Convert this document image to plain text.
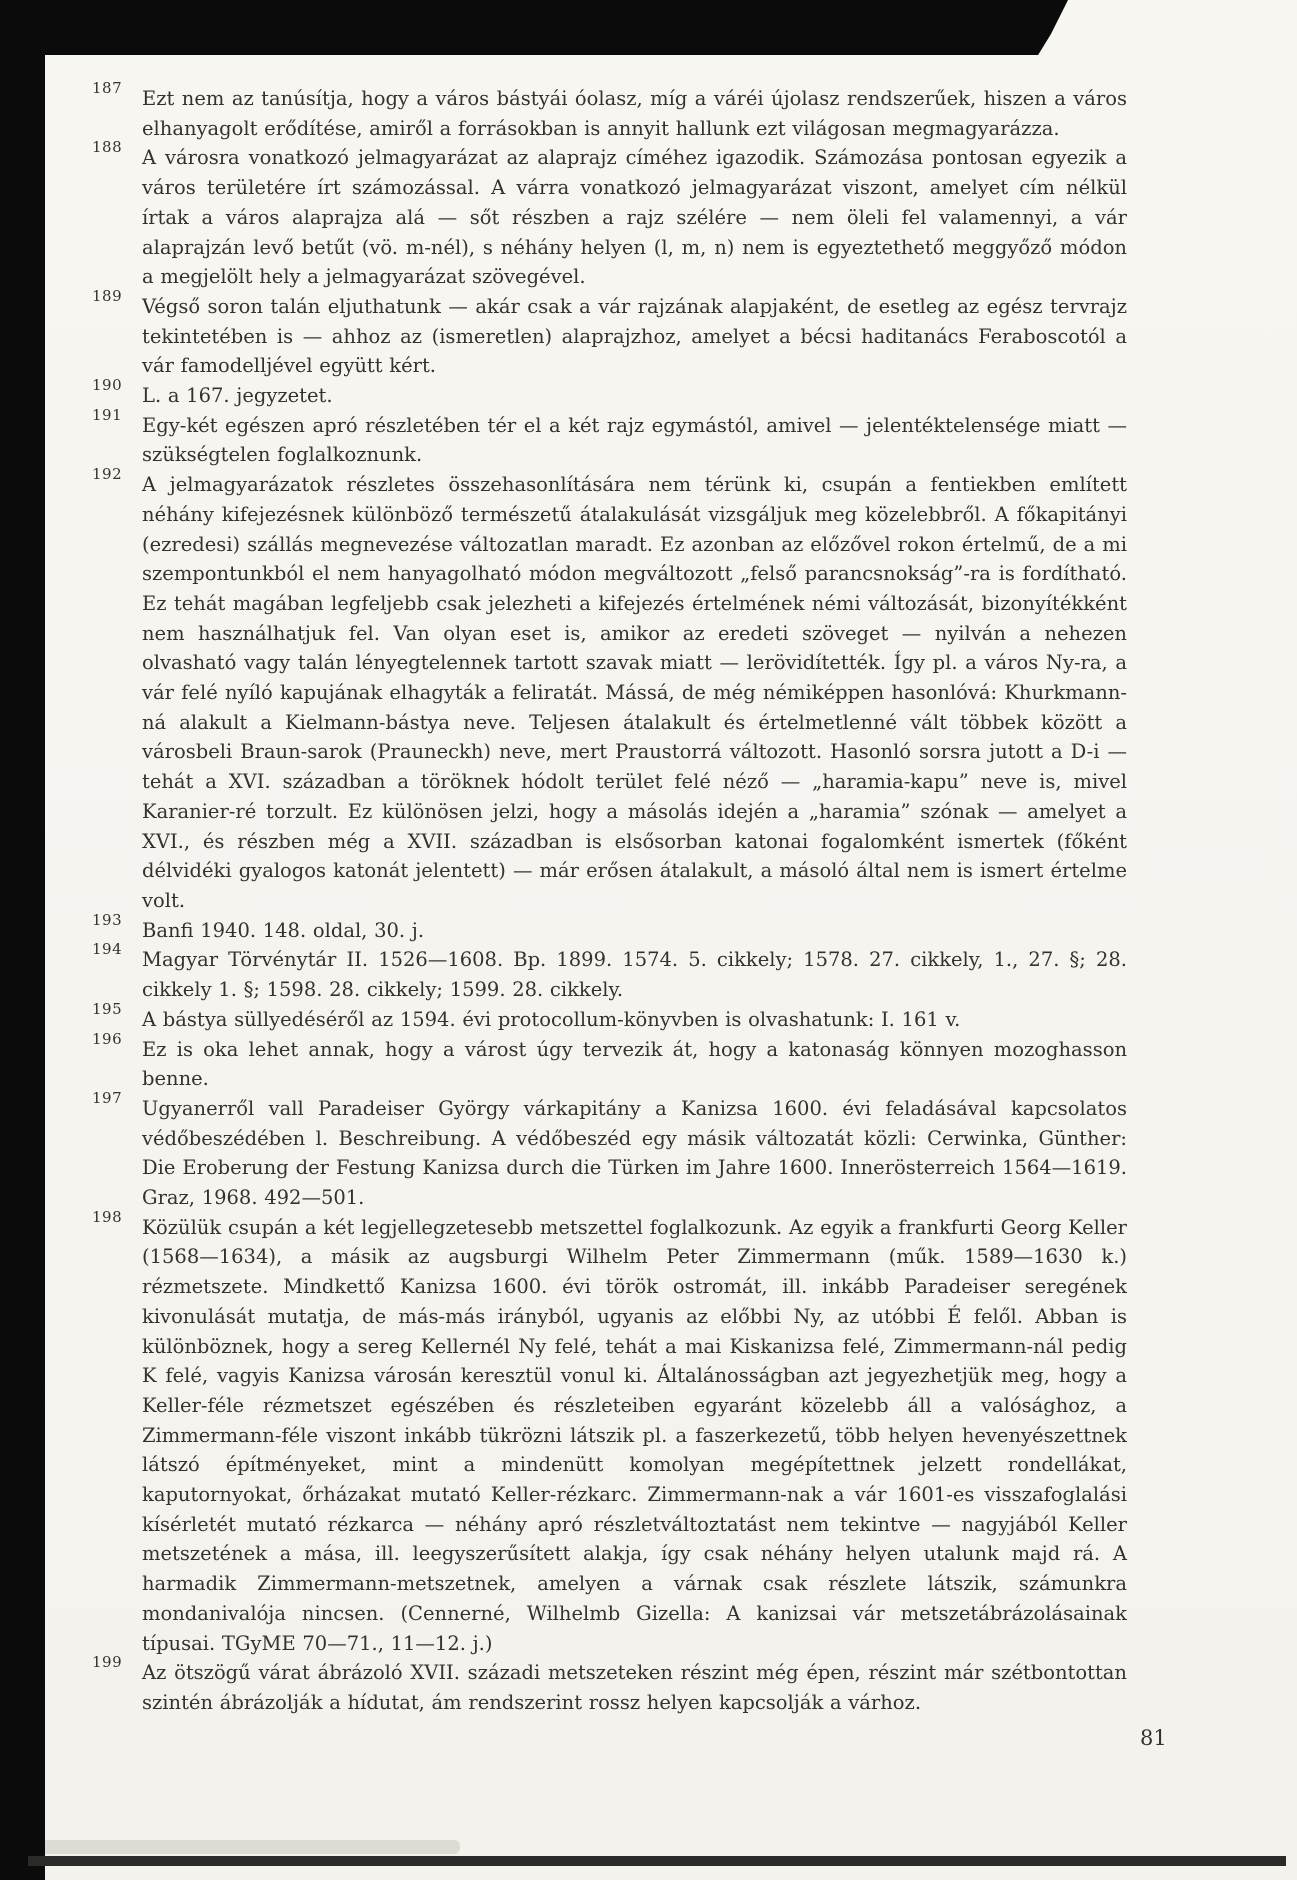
187 Ezt nem az tanúsítja, hogy a város bástyái óolasz, míg a váréi újolasz rendszerűek, hiszen a város elhanyagolt erődítése, amiről a forrásokban is annyit hallunk ezt világosan megmagyarázza.

188 A városra vonatkozó jelmagyarázat az alaprajz címéhez igazodik. Számozása pontosan egyezik a város területére írt számozással. A várra vonatkozó jelmagyarázat viszont, amelyet cím nélkül írtak a város alaprajza alá — sőt részben a rajz szélére — nem öleli fel valamennyi, a vár alaprajzán levő betűt (vö. m-nél), s néhány helyen (l, m, n) nem is egyeztethető meggyőző módon a megjelölt hely a jelmagyarázat szövegével.

189 Végső soron talán eljuthatunk — akár csak a vár rajzának alapjaként, de esetleg az egész tervrajz tekintetében is — ahhoz az (ismeretlen) alaprajzhoz, amelyet a bécsi haditanács Feraboscotól a vár famodelljével együtt kért.

190 L. a 167. jegyzetet.

191 Egy-két egészen apró részletében tér el a két rajz egymástól, amivel — jelentéktelensége miatt — szükségtelen foglalkoznunk.

192 A jelmagyarázatok részletes összehasonlítására nem térünk ki, csupán a fentiekben említett néhány kifejezésnek különböző természetű átalakulását vizsgáljuk meg közelebbről. A főkapitányi (ezredesi) szállás megnevezése változatlan maradt. Ez azonban az előzővel rokon értelmű, de a mi szempontunkból el nem hanyagolható módon megváltozott „felső parancsnokság”-ra is fordítható. Ez tehát magában legfeljebb csak jelezheti a kifejezés értelmének némi változását, bizonyítékként nem használhatjuk fel. Van olyan eset is, amikor az eredeti szöveget — nyilván a nehezen olvasható vagy talán lényegtelennek tartott szavak miatt — lerövidítették. Így pl. a város Ny-ra, a vár felé nyíló kapujának elhagyták a feliratát. Mássá, de még némiképpen hasonlóvá: Khurkmann-ná alakult a Kielmann-bástya neve. Teljesen átalakult és értelmetlenné vált többek között a városbeli Braun-sarok (Prauneckh) neve, mert Praustorrá változott. Hasonló sorsra jutott a D-i — tehát a XVI. században a töröknek hódolt terület felé néző — „haramia-kapu” neve is, mivel Karanier-ré torzult. Ez különösen jelzi, hogy a másolás idején a „haramia” szónak — amelyet a XVI., és részben még a XVII. században is elsősorban katonai fogalomként ismertek (főként délvidéki gyalogos katonát jelentett) — már erősen átalakult, a másoló által nem is ismert értelme volt.

193 Banfi 1940. 148. oldal, 30. j.

194 Magyar Törvénytár II. 1526—1608. Bp. 1899. 1574. 5. cikkely; 1578. 27. cikkely, 1., 27. §; 28. cikkely 1. §; 1598. 28. cikkely; 1599. 28. cikkely.

195 A bástya süllyedéséről az 1594. évi protocollum-könyvben is olvashatunk: I. 161 v.

196 Ez is oka lehet annak, hogy a várost úgy tervezik át, hogy a katonaság könnyen mozoghasson benne.

197 Ugyanerről vall Paradeiser György várkapitány a Kanizsa 1600. évi feladásával kapcsolatos védőbeszédében l. Beschreibung. A védőbeszéd egy másik változatát közli: Cerwinka, Günther: Die Eroberung der Festung Kanizsa durch die Türken im Jahre 1600. Innerösterreich 1564—1619. Graz, 1968. 492—501.

198 Közülük csupán a két legjellegzetesebb metszettel foglalkozunk. Az egyik a frankfurti Georg Keller (1568—1634), a másik az augsburgi Wilhelm Peter Zimmermann (műk. 1589—1630 k.) rézmetszete. Mindkettő Kanizsa 1600. évi török ostromát, ill. inkább Paradeiser seregének kivonulását mutatja, de más-más irányból, ugyanis az előbbi Ny, az utóbbi É felől. Abban is különböznek, hogy a sereg Kellernél Ny felé, tehát a mai Kiskanizsa felé, Zimmermann-nál pedig K felé, vagyis Kanizsa városán keresztül vonul ki. Általánosságban azt jegyezhetjük meg, hogy a Keller-féle rézmetszet egészében és részleteiben egyaránt közelebb áll a valósághoz, a Zimmermann-féle viszont inkább tükrözni látszik pl. a faszerkezetű, több helyen hevenyészettnek látszó építményeket, mint a mindenütt komolyan megépítettnek jelzett rondellákat, kaputornyokat, őrházakat mutató Keller-rézkarc. Zimmermann-nak a vár 1601-es visszafoglalási kísérletét mutató rézkarca — néhány apró részletváltoztatást nem tekintve — nagyjából Keller metszetének a mása, ill. leegyszerűsített alakja, így csak néhány helyen utalunk majd rá. A harmadik Zimmermann-metszetnek, amelyen a várnak csak részlete látszik, számunkra mondanivalója nincsen. (Cennerné, Wilhelmb Gizella: A kanizsai vár metszetábrázolásainak típusai. TGyME 70—71., 11—12. j.)

199 Az ötszögű várat ábrázoló XVII. századi metszeteken részint még épen, részint már szétbontottan szintén ábrázolják a hídutat, ám rendszerint rossz helyen kapcsolják a várhoz.

81
